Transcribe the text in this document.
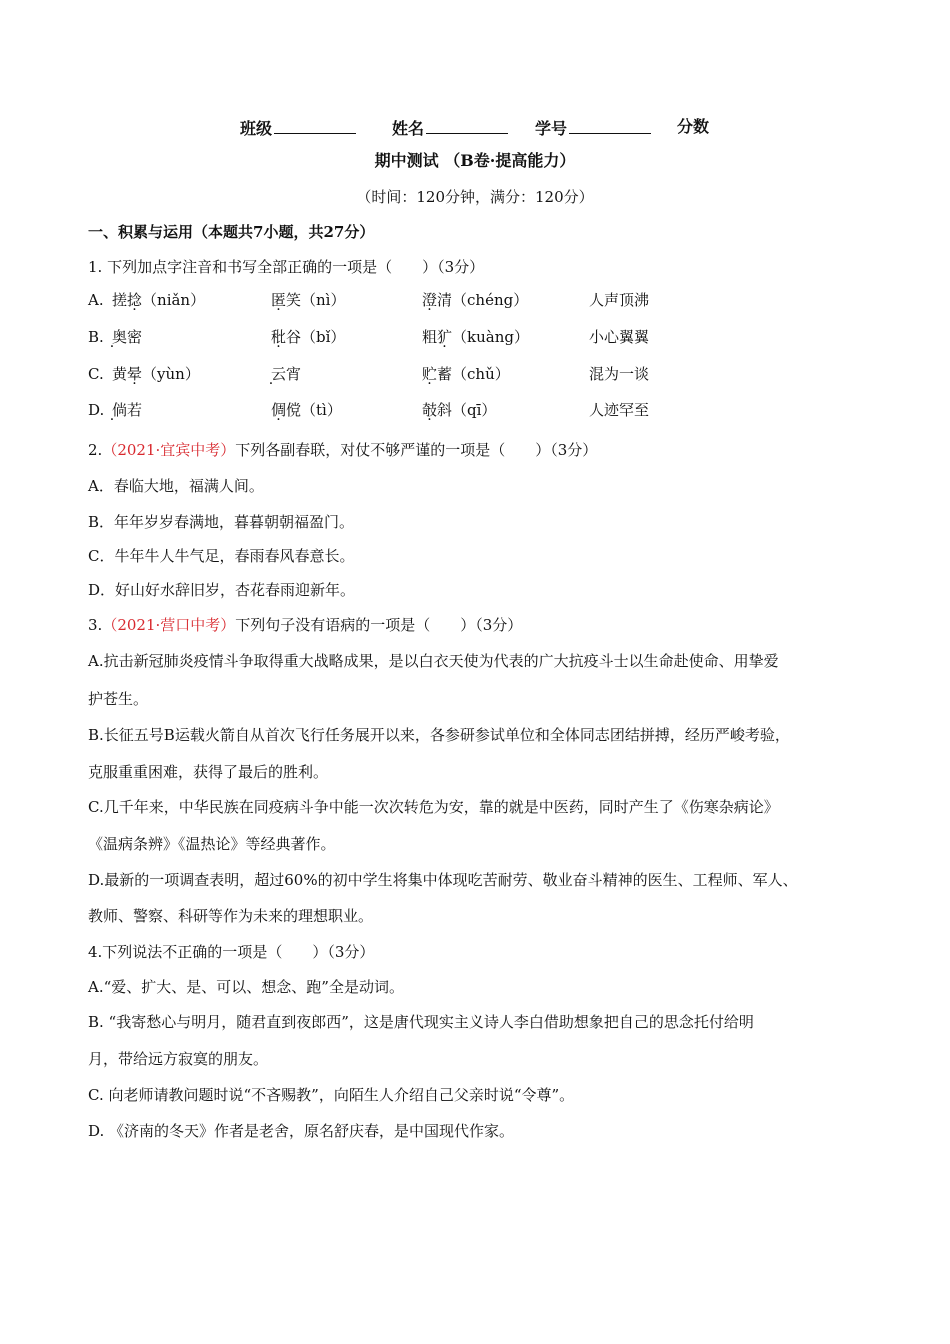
班级	姓名	学号	分数
期中测试 （B卷·提高能力）
（时间：120分钟，满分：120分）
一、积累与运用（本题共7小题，共27分）
1. 下列加点字注音和书写全部正确的一项是（　　）（3分）
A. 搓捻（niǎn）	匿笑（nì）	澄清（chéng）	人声顶沸
B. 奥密	秕谷（bǐ）	粗犷（kuàng）	小心翼翼
C. 黄晕（yùn）	云宵	贮蓄（chǔ）	混为一谈
D. 倘若	倜傥（tì）	攲斜（qī）	人迹罕至
2.（2021·宜宾中考）下列各副春联，对仗不够严谨的一项是（　　）（3分）
A．春临大地，福满人间。
B．年年岁岁春满地，暮暮朝朝福盈门。
C．牛年牛人牛气足，春雨春风春意长。
D．好山好水辞旧岁，杏花春雨迎新年。
3.（2021·营口中考）下列句子没有语病的一项是（　　）（3分）
A.抗击新冠肺炎疫情斗争取得重大战略成果，是以白衣天使为代表的广大抗疫斗士以生命赴使命、用挚爱
护苍生。
B.长征五号B运载火箭自从首次飞行任务展开以来，各参研参试单位和全体同志团结拼搏，经历严峻考验，
克服重重困难，获得了最后的胜利。
C.几千年来，中华民族在同疫病斗争中能一次次转危为安，靠的就是中医药，同时产生了《伤寒杂病论》
《温病条辨》《温热论》等经典著作。
D.最新的一项调查表明，超过60%的初中学生将集中体现吃苦耐劳、敬业奋斗精神的医生、工程师、军人、
教师、警察、科研等作为未来的理想职业。
4.下列说法不正确的一项是（　　）（3分）
A.“爱、扩大、是、可以、想念、跑”全是动词。
B. “我寄愁心与明月，随君直到夜郎西”，这是唐代现实主义诗人李白借助想象把自己的思念托付给明
月，带给远方寂寞的朋友。
C. 向老师请教问题时说“不吝赐教”，向陌生人介绍自己父亲时说“令尊”。
D. 《济南的冬天》作者是老舍，原名舒庆春，是中国现代作家。
